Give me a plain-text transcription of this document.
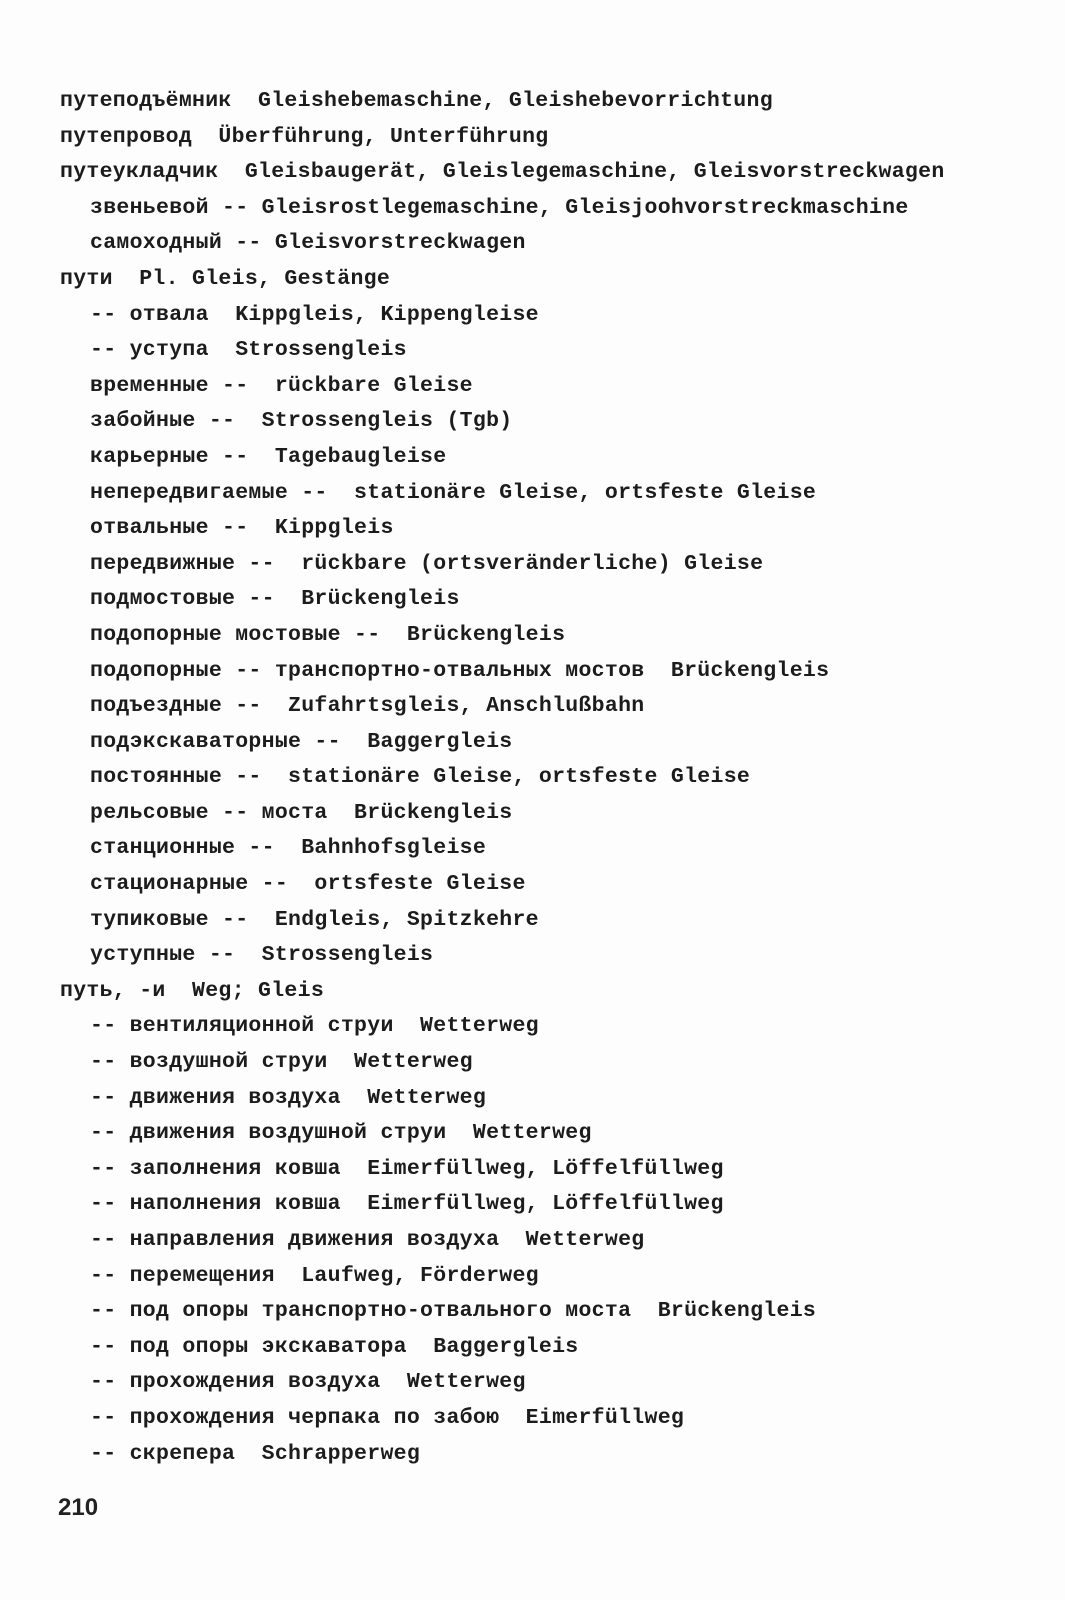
путеподъёмник  Gleishebemaschine, Gleishebevorrichtung
путепровод  Überführung, Unterführung
путеукладчик  Gleisbaugerät, Gleislegemaschine, Gleisvorstreckwagen
звеньевой -- Gleisrostlegemaschine, Gleisjoohvorstreckmaschine
самоходный -- Gleisvorstreckwagen
пути  Pl. Gleis, Gestänge
-- отвала  Kippgleis, Kippengleise
-- уступа  Strossengleis
временные --  rückbare Gleise
забойные --  Strossengleis (Tgb)
карьерные --  Tagebaugleise
непередвигаемые --  stationäre Gleise, ortsfeste Gleise
отвальные --  Kippgleis
передвижные --  rückbare (ortsveränderliche) Gleise
подмостовые --  Brückengleis
подопорные мостовые --  Brückengleis
подопорные -- транспортно-отвальных мостов  Brückengleis
подъездные --  Zufahrtsgleis, Anschlußbahn
подэкскаваторные --  Baggergleis
постоянные --  stationäre Gleise, ortsfeste Gleise
рельсовые -- моста  Brückengleis
станционные --  Bahnhofsgleise
стационарные --  ortsfeste Gleise
тупиковые --  Endgleis, Spitzkehre
уступные --  Strossengleis
путь, -и  Weg; Gleis
-- вентиляционной струи  Wetterweg
-- воздушной струи  Wetterweg
-- движения воздуха  Wetterweg
-- движения воздушной струи  Wetterweg
-- заполнения ковша  Eimerfüllweg, Löffelfüllweg
-- наполнения ковша  Eimerfüllweg, Löffelfüllweg
-- направления движения воздуха  Wetterweg
-- перемещения  Laufweg, Förderweg
-- под опоры транспортно-отвального моста  Brückengleis
-- под опоры экскаватора  Baggergleis
-- прохождения воздуха  Wetterweg
-- прохождения черпака по забою  Eimerfüllweg
-- скрепера  Schrapperweg
210
